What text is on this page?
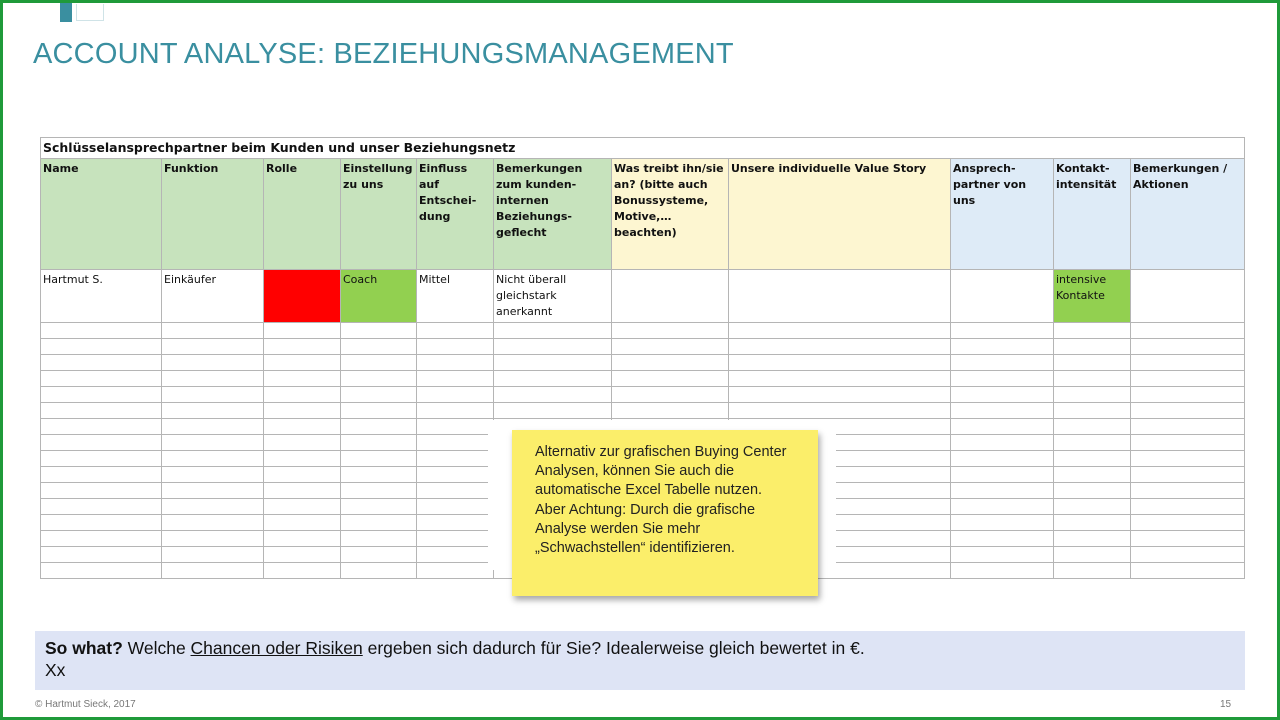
ACCOUNT ANALYSE: BEZIEHUNGSMANAGEMENT
Schlüsselansprechpartner beim Kunden und unser Beziehungsnetz										
Name	Funktion	Rolle	Einstellung zu uns	Einfluss auf Entschei-dung	Bemerkungen zum kunden-internen Beziehungs-geflecht	Was treibt ihn/sie an? (bitte auch Bonussysteme, Motive,… beachten)	Unsere individuelle Value Story	Ansprech-partner von uns	Kontakt-intensität	Bemerkungen / Aktionen
Hartmut S.	Einkäufer		Coach	Mittel	Nicht überall gleichstark anerkannt				intensive Kontakte	

Alternativ zur grafischen Buying Center Analysen, können Sie auch die automatische Excel Tabelle nutzen.

Aber Achtung: Durch die grafische Analyse werden Sie mehr „Schwachstellen“ identifizieren.

So what? Welche Chancen oder Risiken ergeben sich dadurch für Sie? Idealerweise gleich bewertet in €.
Xx
© Hartmut Sieck, 2017	15
